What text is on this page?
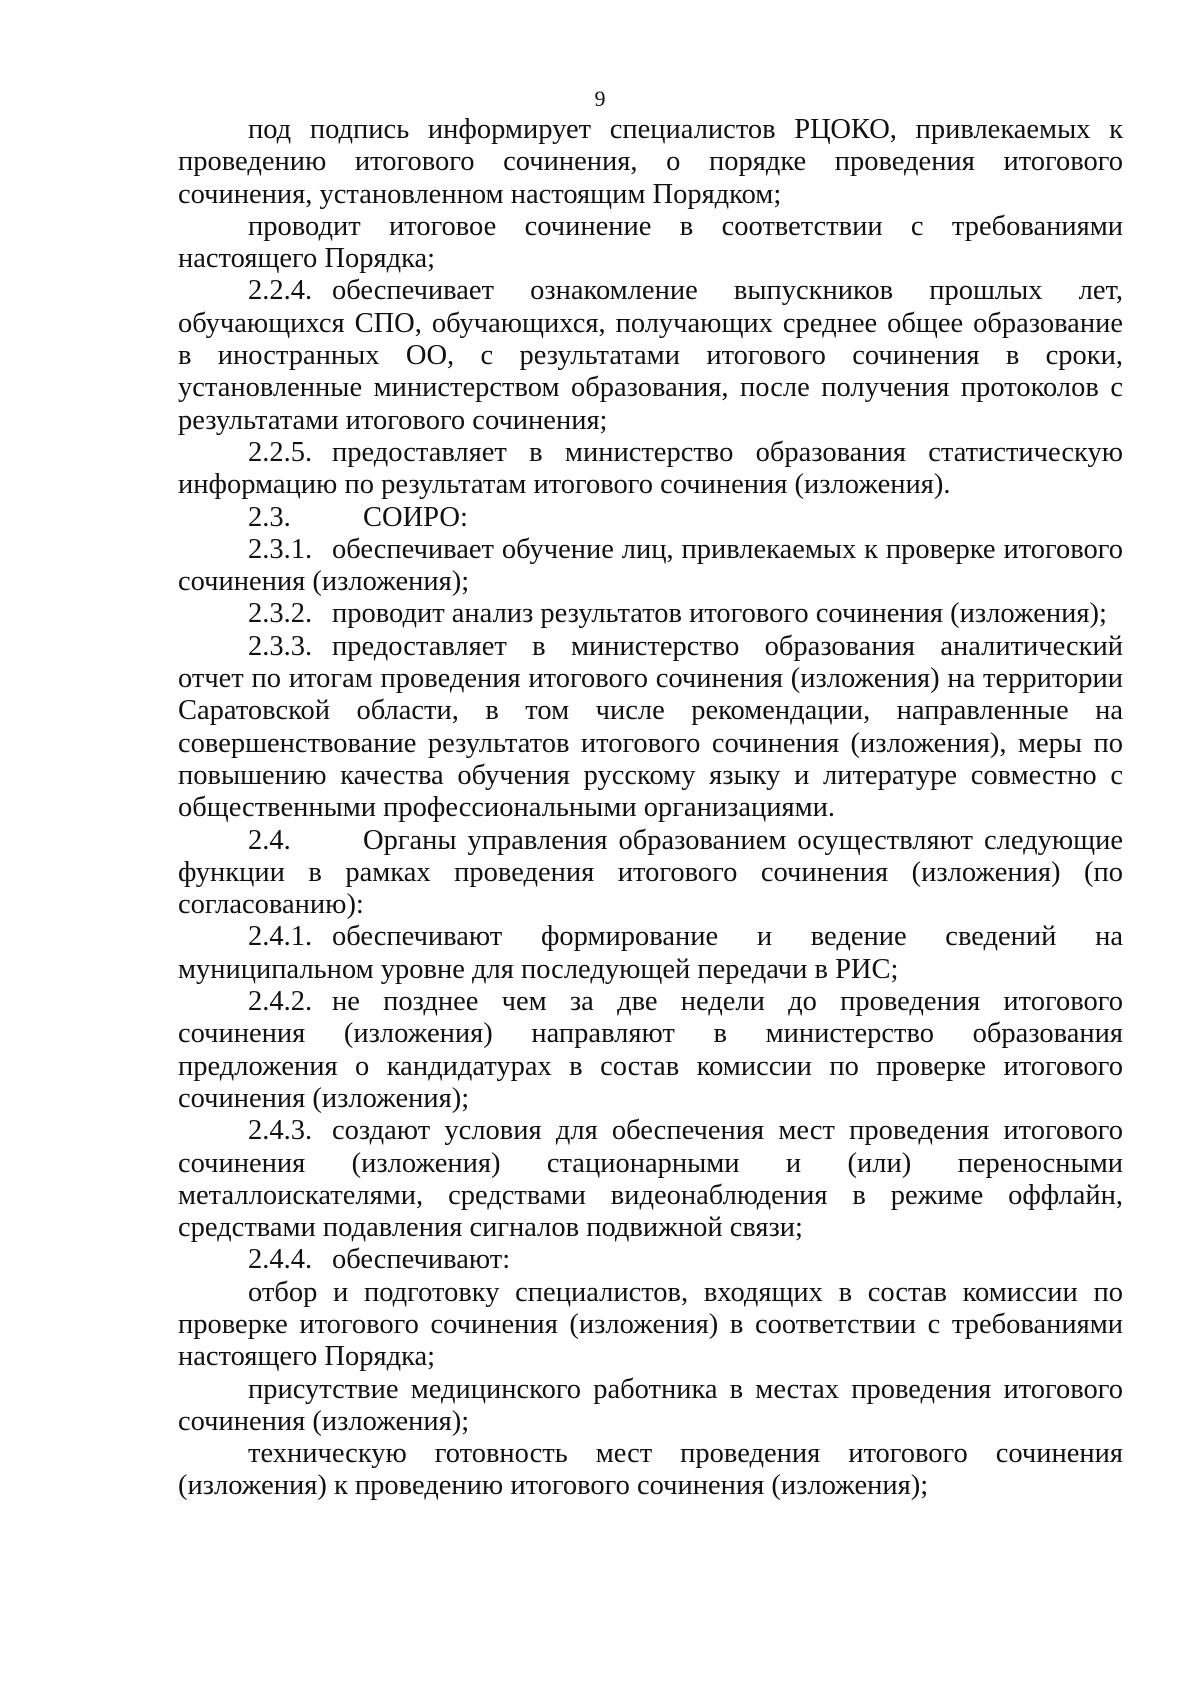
9

под подпись информирует специалистов РЦОКО, привлекаемых к проведению итогового сочинения, о порядке проведения итогового сочинения, установленном настоящим Порядком;

проводит итоговое сочинение в соответствии с требованиями настоящего Порядка;

2.2.4. обеспечивает ознакомление выпускников прошлых лет, обучающихся СПО, обучающихся, получающих среднее общее образование в иностранных ОО, с результатами итогового сочинения в сроки, установленные министерством образования, после получения протоколов с результатами итогового сочинения;

2.2.5. предоставляет в министерство образования статистическую информацию по результатам итогового сочинения (изложения).

2.3.	СОИРО:

2.3.1. обеспечивает обучение лиц, привлекаемых к проверке итогового сочинения (изложения);

2.3.2. проводит анализ результатов итогового сочинения (изложения);

2.3.3. предоставляет в министерство образования аналитический отчет по итогам проведения итогового сочинения (изложения) на территории Саратовской области, в том числе рекомендации, направленные на совершенствование результатов итогового сочинения (изложения), меры по повышению качества обучения русскому языку и литературе совместно с общественными профессиональными организациями.

2.4.	Органы управления образованием осуществляют следующие функции в рамках проведения итогового сочинения (изложения) (по согласованию):

2.4.1. обеспечивают формирование и ведение сведений на муниципальном уровне для последующей передачи в РИС;

2.4.2. не позднее чем за две недели до проведения итогового сочинения (изложения) направляют в министерство образования предложения о кандидатурах в состав комиссии по проверке итогового сочинения (изложения);

2.4.3. создают условия для обеспечения мест проведения итогового сочинения (изложения) стационарными и (или) переносными металлоискателями, средствами видеонаблюдения в режиме оффлайн, средствами подавления сигналов подвижной связи;

2.4.4. обеспечивают:

отбор и подготовку специалистов, входящих в состав комиссии по проверке итогового сочинения (изложения) в соответствии с требованиями настоящего Порядка;

присутствие медицинского работника в местах проведения итогового сочинения (изложения);

техническую готовность мест проведения итогового сочинения (изложения) к проведению итогового сочинения (изложения);
